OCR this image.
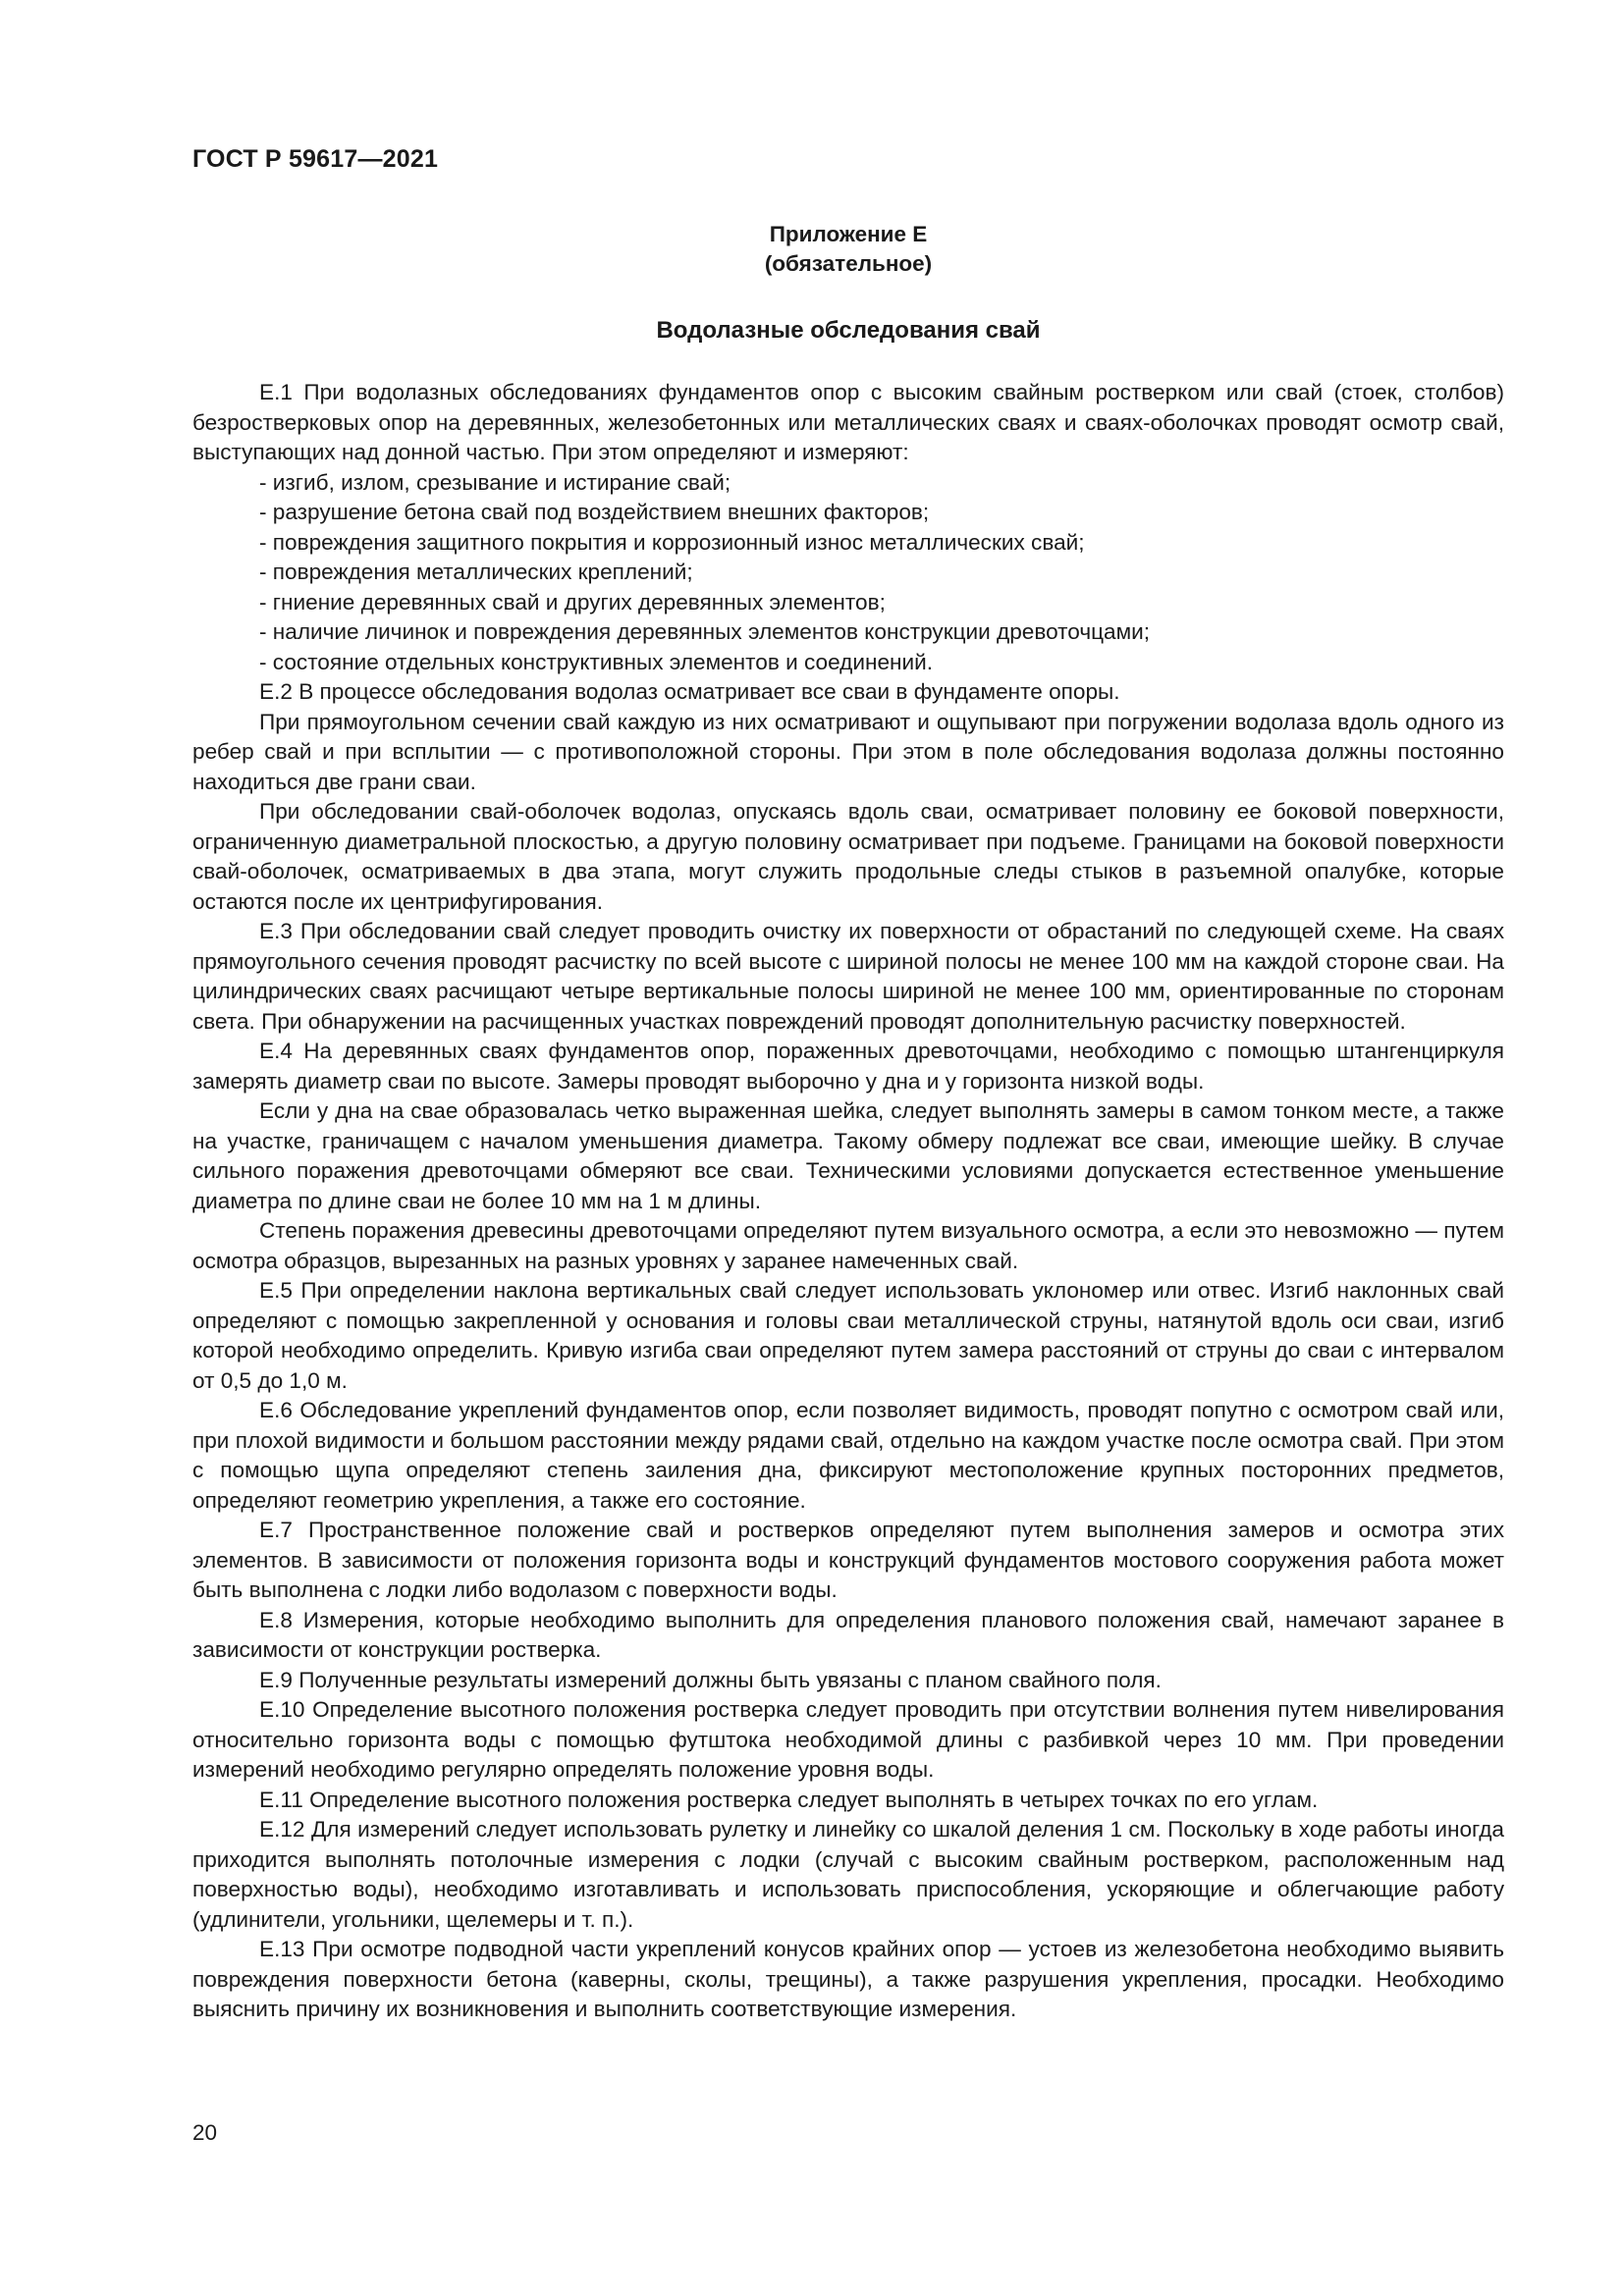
ГОСТ Р 59617—2021
Приложение Е
(обязательное)
Водолазные обследования свай

Е.1 При водолазных обследованиях фундаментов опор с высоким свайным ростверком или свай (стоек, столбов) безростверковых опор на деревянных, железобетонных или металлических сваях и сваях-оболочках проводят осмотр свай, выступающих над донной частью. При этом определяют и измеряют:

- изгиб, излом, срезывание и истирание свай;

- разрушение бетона свай под воздействием внешних факторов;

- повреждения защитного покрытия и коррозионный износ металлических свай;

- повреждения металлических креплений;

- гниение деревянных свай и других деревянных элементов;

- наличие личинок и повреждения деревянных элементов конструкции древоточцами;

- состояние отдельных конструктивных элементов и соединений.

Е.2 В процессе обследования водолаз осматривает все сваи в фундаменте опоры.

При прямоугольном сечении свай каждую из них осматривают и ощупывают при погружении водолаза вдоль одного из ребер свай и при всплытии — с противоположной стороны. При этом в поле обследования водолаза должны постоянно находиться две грани сваи.

При обследовании свай-оболочек водолаз, опускаясь вдоль сваи, осматривает половину ее боковой поверхности, ограниченную диаметральной плоскостью, а другую половину осматривает при подъеме. Границами на боковой поверхности свай-оболочек, осматриваемых в два этапа, могут служить продольные следы стыков в разъемной опалубке, которые остаются после их центрифугирования.

Е.3 При обследовании свай следует проводить очистку их поверхности от обрастаний по следующей схеме. На сваях прямоугольного сечения проводят расчистку по всей высоте с шириной полосы не менее 100 мм на каждой стороне сваи. На цилиндрических сваях расчищают четыре вертикальные полосы шириной не менее 100 мм, ориентированные по сторонам света. При обнаружении на расчищенных участках повреждений проводят дополнительную расчистку поверхностей.

Е.4 На деревянных сваях фундаментов опор, пораженных древоточцами, необходимо с помощью штангенциркуля замерять диаметр сваи по высоте. Замеры проводят выборочно у дна и у горизонта низкой воды.

Если у дна на свае образовалась четко выраженная шейка, следует выполнять замеры в самом тонком месте, а также на участке, граничащем с началом уменьшения диаметра. Такому обмеру подлежат все сваи, имеющие шейку. В случае сильного поражения древоточцами обмеряют все сваи. Техническими условиями допускается естественное уменьшение диаметра по длине сваи не более 10 мм на 1 м длины.

Степень поражения древесины древоточцами определяют путем визуального осмотра, а если это невозможно — путем осмотра образцов, вырезанных на разных уровнях у заранее намеченных свай.

Е.5 При определении наклона вертикальных свай следует использовать уклономер или отвес. Изгиб наклонных свай определяют с помощью закрепленной у основания и головы сваи металлической струны, натянутой вдоль оси сваи, изгиб которой необходимо определить. Кривую изгиба сваи определяют путем замера расстояний от струны до сваи с интервалом от 0,5 до 1,0 м.

Е.6 Обследование укреплений фундаментов опор, если позволяет видимость, проводят попутно с осмотром свай или, при плохой видимости и большом расстоянии между рядами свай, отдельно на каждом участке после осмотра свай. При этом с помощью щупа определяют степень заиления дна, фиксируют местоположение крупных посторонних предметов, определяют геометрию укрепления, а также его состояние.

Е.7 Пространственное положение свай и ростверков определяют путем выполнения замеров и осмотра этих элементов. В зависимости от положения горизонта воды и конструкций фундаментов мостового сооружения работа может быть выполнена с лодки либо водолазом с поверхности воды.

Е.8 Измерения, которые необходимо выполнить для определения планового положения свай, намечают заранее в зависимости от конструкции ростверка.

Е.9 Полученные результаты измерений должны быть увязаны с планом свайного поля.

Е.10 Определение высотного положения ростверка следует проводить при отсутствии волнения путем нивелирования относительно горизонта воды с помощью футштока необходимой длины с разбивкой через 10 мм. При проведении измерений необходимо регулярно определять положение уровня воды.

Е.11 Определение высотного положения ростверка следует выполнять в четырех точках по его углам.

Е.12 Для измерений следует использовать рулетку и линейку со шкалой деления 1 см. Поскольку в ходе работы иногда приходится выполнять потолочные измерения с лодки (случай с высоким свайным ростверком, расположенным над поверхностью воды), необходимо изготавливать и использовать приспособления, ускоряющие и облегчающие работу (удлинители, угольники, щелемеры и т. п.).

Е.13 При осмотре подводной части укреплений конусов крайних опор — устоев из железобетона необходимо выявить повреждения поверхности бетона (каверны, сколы, трещины), а также разрушения укрепления, просадки. Необходимо выяснить причину их возникновения и выполнить соответствующие измерения.

20
